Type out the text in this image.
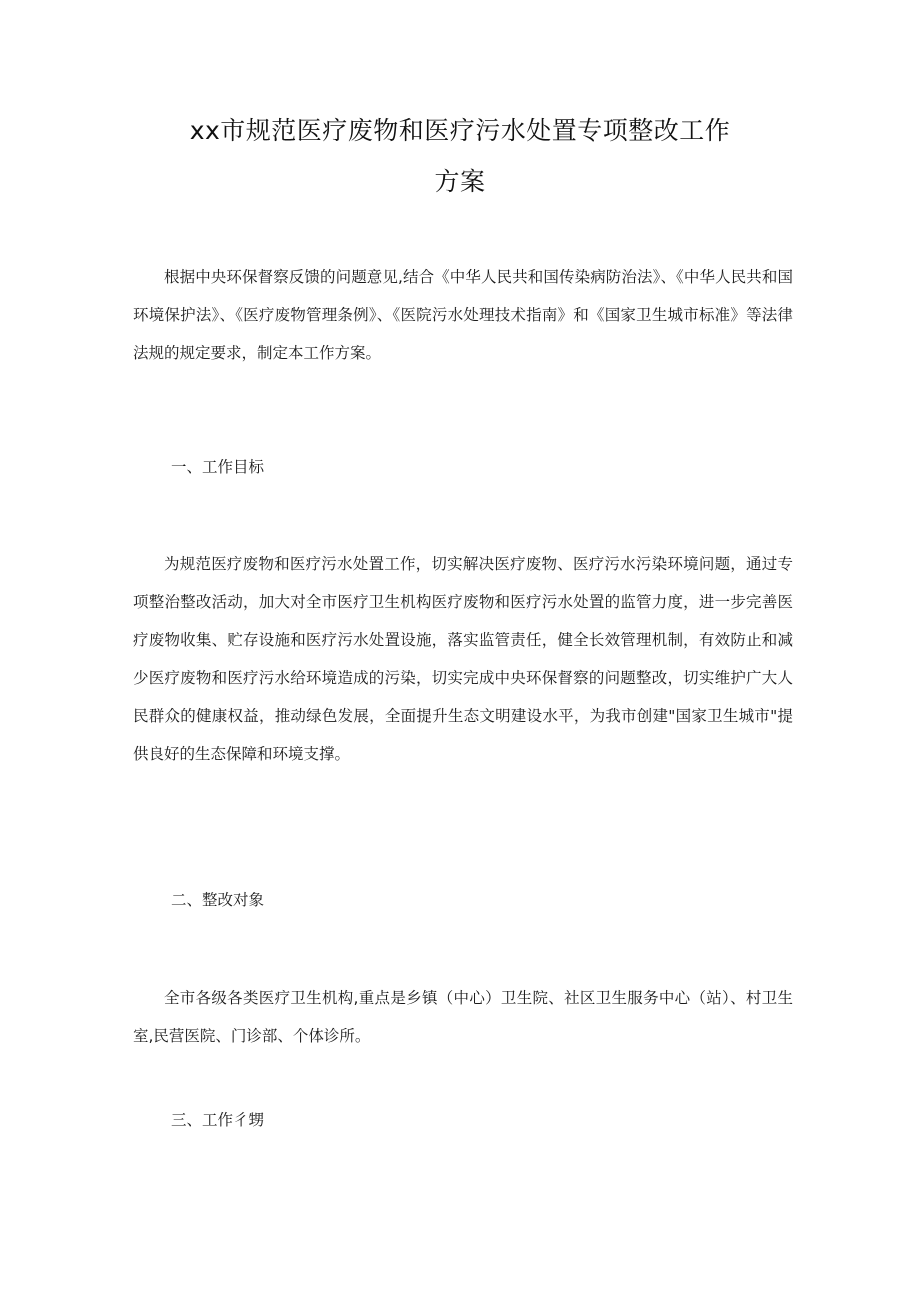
xx市规范医疗废物和医疗污水处置专项整改工作
方案

根据中央环保督察反馈的问题意见,结合《中华人民共和国传染病防治法》、《中华人民共和国环境保护法》、《医疗废物管理条例》、《医院污水处理技术指南》和《国家卫生城市标准》等法律法规的规定要求，制定本工作方案。

一、工作目标

为规范医疗废物和医疗污水处置工作，切实解决医疗废物、医疗污水污染环境问题，通过专项整治整改活动，加大对全市医疗卫生机构医疗废物和医疗污水处置的监管力度，进一步完善医疗废物收集、贮存设施和医疗污水处置设施，落实监管责任，健全长效管理机制，有效防止和减少医疗废物和医疗污水给环境造成的污染，切实完成中央环保督察的问题整改，切实维护广大人民群众的健康权益，推动绿色发展，全面提升生态文明建设水平，为我市创建"国家卫生城市"提供良好的生态保障和环境支撑。

二、整改对象

全市各级各类医疗卫生机构,重点是乡镇（中心）卫生院、社区卫生服务中心（站）、村卫生室,民营医院、门诊部、个体诊所。

三、工作彳甥
